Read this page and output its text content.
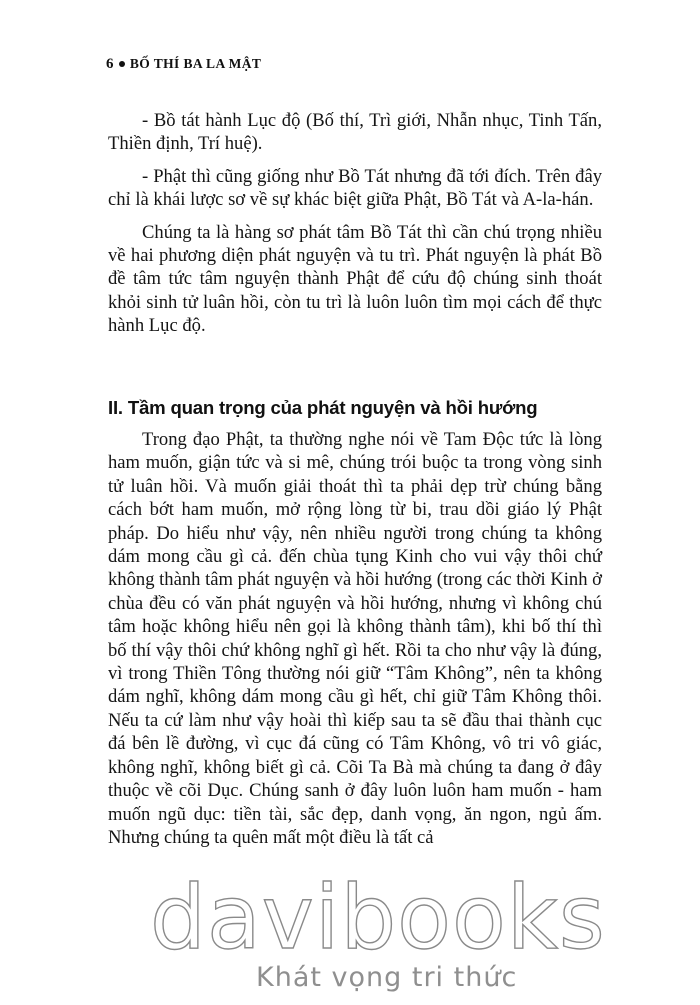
6 BỐ THÍ BA LA MẬT

- Bồ tát hành Lục độ (Bố thí, Trì giới, Nhẫn nhục, Tinh Tấn, Thiền định, Trí huệ).

- Phật thì cũng giống như Bồ Tát nhưng đã tới đích. Trên đây chỉ là khái lược sơ về sự khác biệt giữa Phật, Bồ Tát và A-la-hán.

Chúng ta là hàng sơ phát tâm Bồ Tát thì cần chú trọng nhiều về hai phương diện phát nguyện và tu trì. Phát nguyện là phát Bồ đề tâm tức tâm nguyện thành Phật để cứu độ chúng sinh thoát khỏi sinh tử luân hồi, còn tu trì là luôn luôn tìm mọi cách để thực hành Lục độ.

II. Tầm quan trọng của phát nguyện và hồi hướng

Trong đạo Phật, ta thường nghe nói về Tam Độc tức là lòng ham muốn, giận tức và si mê, chúng trói buộc ta trong vòng sinh tử luân hồi. Và muốn giải thoát thì ta phải dẹp trừ chúng bằng cách bớt ham muốn, mở rộng lòng từ bi, trau dồi giáo lý Phật pháp. Do hiểu như vậy, nên nhiều người trong chúng ta không dám mong cầu gì cả. đến chùa tụng Kinh cho vui vậy thôi chứ không thành tâm phát nguyện và hồi hướng (trong các thời Kinh ở chùa đều có văn phát nguyện và hồi hướng, nhưng vì không chú tâm hoặc không hiểu nên gọi là không thành tâm), khi bố thí thì bố thí vậy thôi chứ không nghĩ gì hết. Rồi ta cho như vậy là đúng, vì trong Thiền Tông thường nói giữ “Tâm Không”, nên ta không dám nghĩ, không dám mong cầu gì hết, chỉ giữ Tâm Không thôi. Nếu ta cứ làm như vậy hoài thì kiếp sau ta sẽ đầu thai thành cục đá bên lề đường, vì cục đá cũng có Tâm Không, vô tri vô giác, không nghĩ, không biết gì cả. Cõi Ta Bà mà chúng ta đang ở đây thuộc về cõi Dục. Chúng sanh ở đây luôn luôn ham muốn - ham muốn ngũ dục: tiền tài, sắc đẹp, danh vọng, ăn ngon, ngủ ấm. Nhưng chúng ta quên mất một điều là tất cả

davibooks
Khát vọng tri thức
